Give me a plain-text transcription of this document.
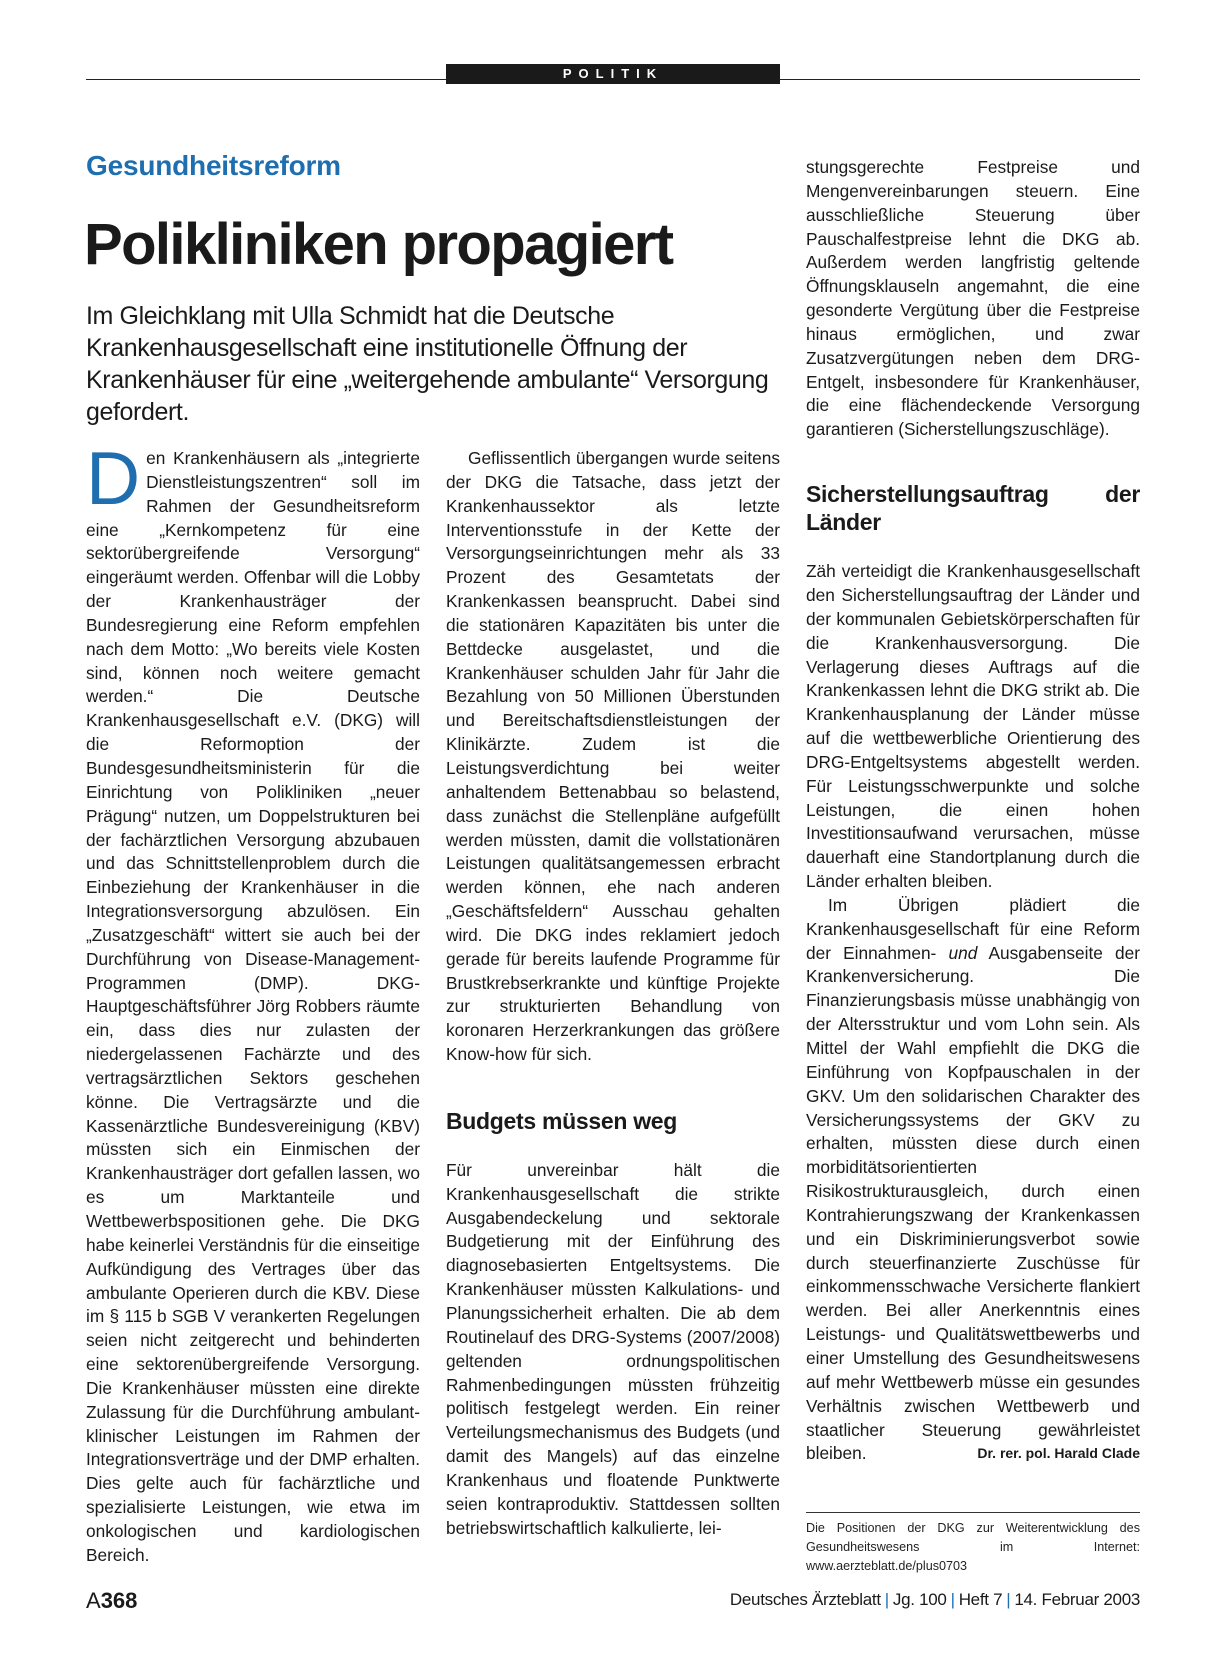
POLITIK
Gesundheitsreform
Polikliniken propagiert

Im Gleichklang mit Ulla Schmidt hat die Deutsche Krankenhausgesellschaft eine institutionelle Öffnung der Krankenhäuser für eine „weitergehende ambulante“ Versorgung gefordert.

Den Krankenhäusern als „integrierte Dienstleistungszentren“ soll im Rahmen der Gesundheitsreform eine „Kernkompetenz für eine sektorübergreifende Versorgung“ eingeräumt werden. Offenbar will die Lobby der Krankenhausträger der Bundesregierung eine Reform empfehlen nach dem Motto: „Wo bereits viele Kosten sind, können noch weitere gemacht werden.“ Die Deutsche Krankenhausgesellschaft e.V. (DKG) will die Reformoption der Bundesgesundheitsministerin für die Einrichtung von Polikliniken „neuer Prägung“ nutzen, um Doppelstrukturen bei der fachärztlichen Versorgung abzubauen und das Schnittstellenproblem durch die Einbeziehung der Krankenhäuser in die Integrationsversorgung abzulösen. Ein „Zusatzgeschäft“ wittert sie auch bei der Durchführung von Disease-Management-Programmen (DMP). DKG-Hauptgeschäftsführer Jörg Robbers räumte ein, dass dies nur zulasten der niedergelassenen Fachärzte und des vertragsärztlichen Sektors geschehen könne. Die Vertragsärzte und die Kassenärztliche Bundesvereinigung (KBV) müssten sich ein Einmischen der Krankenhausträger dort gefallen lassen, wo es um Marktanteile und Wettbewerbspositionen gehe. Die DKG habe keinerlei Verständnis für die einseitige Aufkündigung des Vertrages über das ambulante Operieren durch die KBV. Diese im § 115 b SGB V verankerten Regelungen seien nicht zeitgerecht und behinderten eine sektorenübergreifende Versorgung. Die Krankenhäuser müssten eine direkte Zulassung für die Durchführung ambulant-klinischer Leistungen im Rahmen der Integrationsverträge und der DMP erhalten. Dies gelte auch für fachärztliche und spezialisierte Leistungen, wie etwa im onkologischen und kardiologischen Bereich.

Geflissentlich übergangen wurde seitens der DKG die Tatsache, dass jetzt der Krankenhaussektor als letzte Interventionsstufe in der Kette der Versorgungseinrichtungen mehr als 33 Prozent des Gesamtetats der Krankenkassen beansprucht. Dabei sind die stationären Kapazitäten bis unter die Bettdecke ausgelastet, und die Krankenhäuser schulden Jahr für Jahr die Bezahlung von 50 Millionen Überstunden und Bereitschaftsdienstleistungen der Klinikärzte. Zudem ist die Leistungsverdichtung bei weiter anhaltendem Bettenabbau so belastend, dass zunächst die Stellenpläne aufgefüllt werden müssten, damit die vollstationären Leistungen qualitätsangemessen erbracht werden können, ehe nach anderen „Geschäftsfeldern“ Ausschau gehalten wird. Die DKG indes reklamiert jedoch gerade für bereits laufende Programme für Brustkrebserkrankte und künftige Projekte zur strukturierten Behandlung von koronaren Herzerkrankungen das größere Know-how für sich.

Budgets müssen weg

Für unvereinbar hält die Krankenhausgesellschaft die strikte Ausgabendeckelung und sektorale Budgetierung mit der Einführung des diagnosebasierten Entgeltsystems. Die Krankenhäuser müssten Kalkulations- und Planungssicherheit erhalten. Die ab dem Routinelauf des DRG-Systems (2007/2008) geltenden ordnungspolitischen Rahmenbedingungen müssten frühzeitig politisch festgelegt werden. Ein reiner Verteilungsmechanismus des Budgets (und damit des Mangels) auf das einzelne Krankenhaus und floatende Punktwerte seien kontraproduktiv. Stattdessen sollten betriebswirtschaftlich kalkulierte, lei-

stungsgerechte Festpreise und Mengenvereinbarungen steuern. Eine ausschließliche Steuerung über Pauschalfestpreise lehnt die DKG ab. Außerdem werden langfristig geltende Öffnungsklauseln angemahnt, die eine gesonderte Vergütung über die Festpreise hinaus ermöglichen, und zwar Zusatzvergütungen neben dem DRG-Entgelt, insbesondere für Krankenhäuser, die eine flächendeckende Versorgung garantieren (Sicherstellungszuschläge).

Sicherstellungsauftrag der Länder

Zäh verteidigt die Krankenhausgesellschaft den Sicherstellungsauftrag der Länder und der kommunalen Gebietskörperschaften für die Krankenhausversorgung. Die Verlagerung dieses Auftrags auf die Krankenkassen lehnt die DKG strikt ab. Die Krankenhausplanung der Länder müsse auf die wettbewerbliche Orientierung des DRG-Entgeltsystems abgestellt werden. Für Leistungsschwerpunkte und solche Leistungen, die einen hohen Investitionsaufwand verursachen, müsse dauerhaft eine Standortplanung durch die Länder erhalten bleiben.

Im Übrigen plädiert die Krankenhausgesellschaft für eine Reform der Einnahmen- und Ausgabenseite der Krankenversicherung. Die Finanzierungsbasis müsse unabhängig von der Altersstruktur und vom Lohn sein. Als Mittel der Wahl empfiehlt die DKG die Einführung von Kopfpauschalen in der GKV. Um den solidarischen Charakter des Versicherungssystems der GKV zu erhalten, müssten diese durch einen morbiditätsorientierten Risikostrukturausgleich, durch einen Kontrahierungszwang der Krankenkassen und ein Diskriminierungsverbot sowie durch steuerfinanzierte Zuschüsse für einkommensschwache Versicherte flankiert werden. Bei aller Anerkenntnis eines Leistungs- und Qualitätswettbewerbs und einer Umstellung des Gesundheitswesens auf mehr Wettbewerb müsse ein gesundes Verhältnis zwischen Wettbewerb und staatlicher Steuerung gewährleistet bleiben.	Dr. rer. pol. Harald Clade

Die Positionen der DKG zur Weiterentwicklung des Gesundheitswesens im Internet: www.aerzteblatt.de/plus0703

A368	Deutsches Ärzteblatt | Jg. 100 | Heft 7 | 14. Februar 2003
